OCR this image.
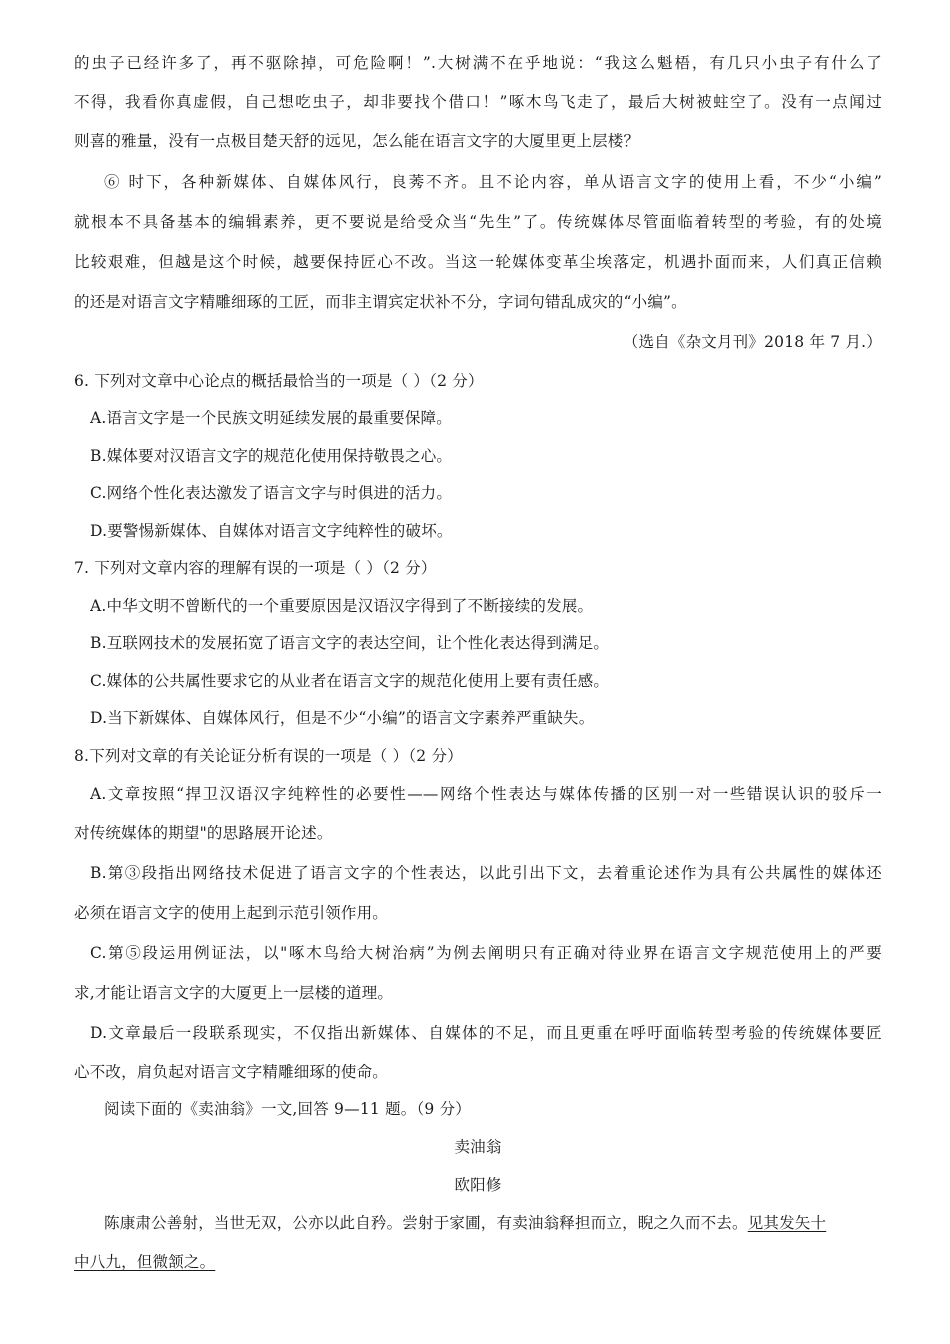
的虫子已经许多了，再不驱除掉，可危险啊！”.大树满不在乎地说：“我这么魁梧，有几只小虫子有什么了
不得，我看你真虚假，自己想吃虫子，却非要找个借口！”啄木鸟飞走了，最后大树被蛀空了。没有一点闻过
则喜的雅量，没有一点极目楚天舒的远见，怎么能在语言文字的大厦里更上层楼？
⑥ 时下，各种新媒体、自媒体风行，良莠不齐。且不论内容，单从语言文字的使用上看，不少“小编”
就根本不具备基本的编辑素养，更不要说是给受众当“先生”了。传统媒体尽管面临着转型的考验，有的处境
比较艰难，但越是这个时候，越要保持匠心不改。当这一轮媒体变革尘埃落定，机遇扑面而来，人们真正信赖
的还是对语言文字精雕细琢的工匠，而非主谓宾定状补不分，字词句错乱成灾的“小编”。
（选自《杂文月刊》2018 年 7 月.）
6. 下列对文章中心论点的概括最恰当的一项是（ ）（2 分）
A.语言文字是一个民族文明延续发展的最重要保障。
B.媒体要对汉语言文字的规范化使用保持敬畏之心。
C.网络个性化表达激发了语言文字与时俱进的活力。
D.要警惕新媒体、自媒体对语言文字纯粹性的破坏。
7. 下列对文章内容的理解有误的一项是（ ）（2 分）
A.中华文明不曾断代的一个重要原因是汉语汉字得到了不断接续的发展。
B.互联网技术的发展拓宽了语言文字的表达空间，让个性化表达得到满足。
C.媒体的公共属性要求它的从业者在语言文字的规范化使用上要有责任感。
D.当下新媒体、自媒体风行，但是不少“小编”的语言文字素养严重缺失。
8.下列对文章的有关论证分析有误的一项是（ ）（2 分）
A.文章按照“捍卫汉语汉字纯粹性的必要性——网络个性表达与媒体传播的区别一对一些错误认识的驳斥一
对传统媒体的期望"的思路展开论述。
B.第③段指出网络技术促进了语言文字的个性表达，以此引出下文，去着重论述作为具有公共属性的媒体还
必须在语言文字的使用上起到示范引领作用。
C.第⑤段运用例证法，以"啄木鸟给大树治病”为例去阐明只有正确对待业界在语言文字规范使用上的严要
求,才能让语言文字的大厦更上一层楼的道理。
D.文章最后一段联系现实，不仅指出新媒体、自媒体的不足，而且更重在呼吁面临转型考验的传统媒体要匠
心不改，肩负起对语言文字精雕细琢的使命。
阅读下面的《卖油翁》一文,回答 9—11 题。（9 分）
卖油翁
欧阳修
陈康肃公善射，当世无双，公亦以此自矜。尝射于家圃，有卖油翁释担而立，睨之久而不去。见其发矢十
中八九，但微颔之。
